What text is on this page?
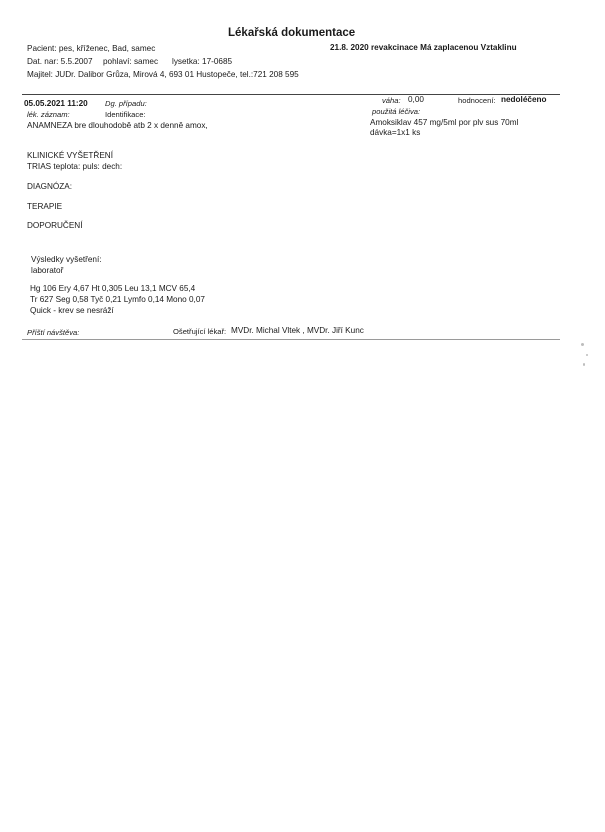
Lékařská dokumentace
Pacient: pes, kříženec, Bad, samec	21.8. 2020 revakcinace Má zaplacenou Vztaklinu
Dat. nar: 5.5.2007 pohlaví: samec lysetka: 17-0685
Majitel: JUDr. Dalibor Grůza, Mirová 4, 693 01 Hustopeče, tel.:721 208 595
05.05.2021 11:20 Dg. případu:	váha: 0,00	hodnocení: nedoléčeno
lék. záznam:	Identifikace:	použitá léčiva:
ANAMNEZA bre dlouhodobě atb 2 x denně amox,	Amoksiklav 457 mg/5ml por plv sus 70ml
dávka=1x1 ks
KLINICKÉ VYŠETŘENÍ
TRIAS teplota: puls: dech:
DIAGNÓZA:
TERAPIE
DOPORUČENÍ
Výsledky vyšetření:
laboratoř
Hg 106 Ery 4,67 Ht 0,305 Leu 13,1 MCV 65,4
Tr 627 Seg 0,58 Tyč 0,21 Lymfo 0,14 Mono 0,07
Quick - krev se nesráží
Příští návštěva:	Ošetřující lékař: MVDr. Michal Vltek , MVDr. Jiří Kunc
